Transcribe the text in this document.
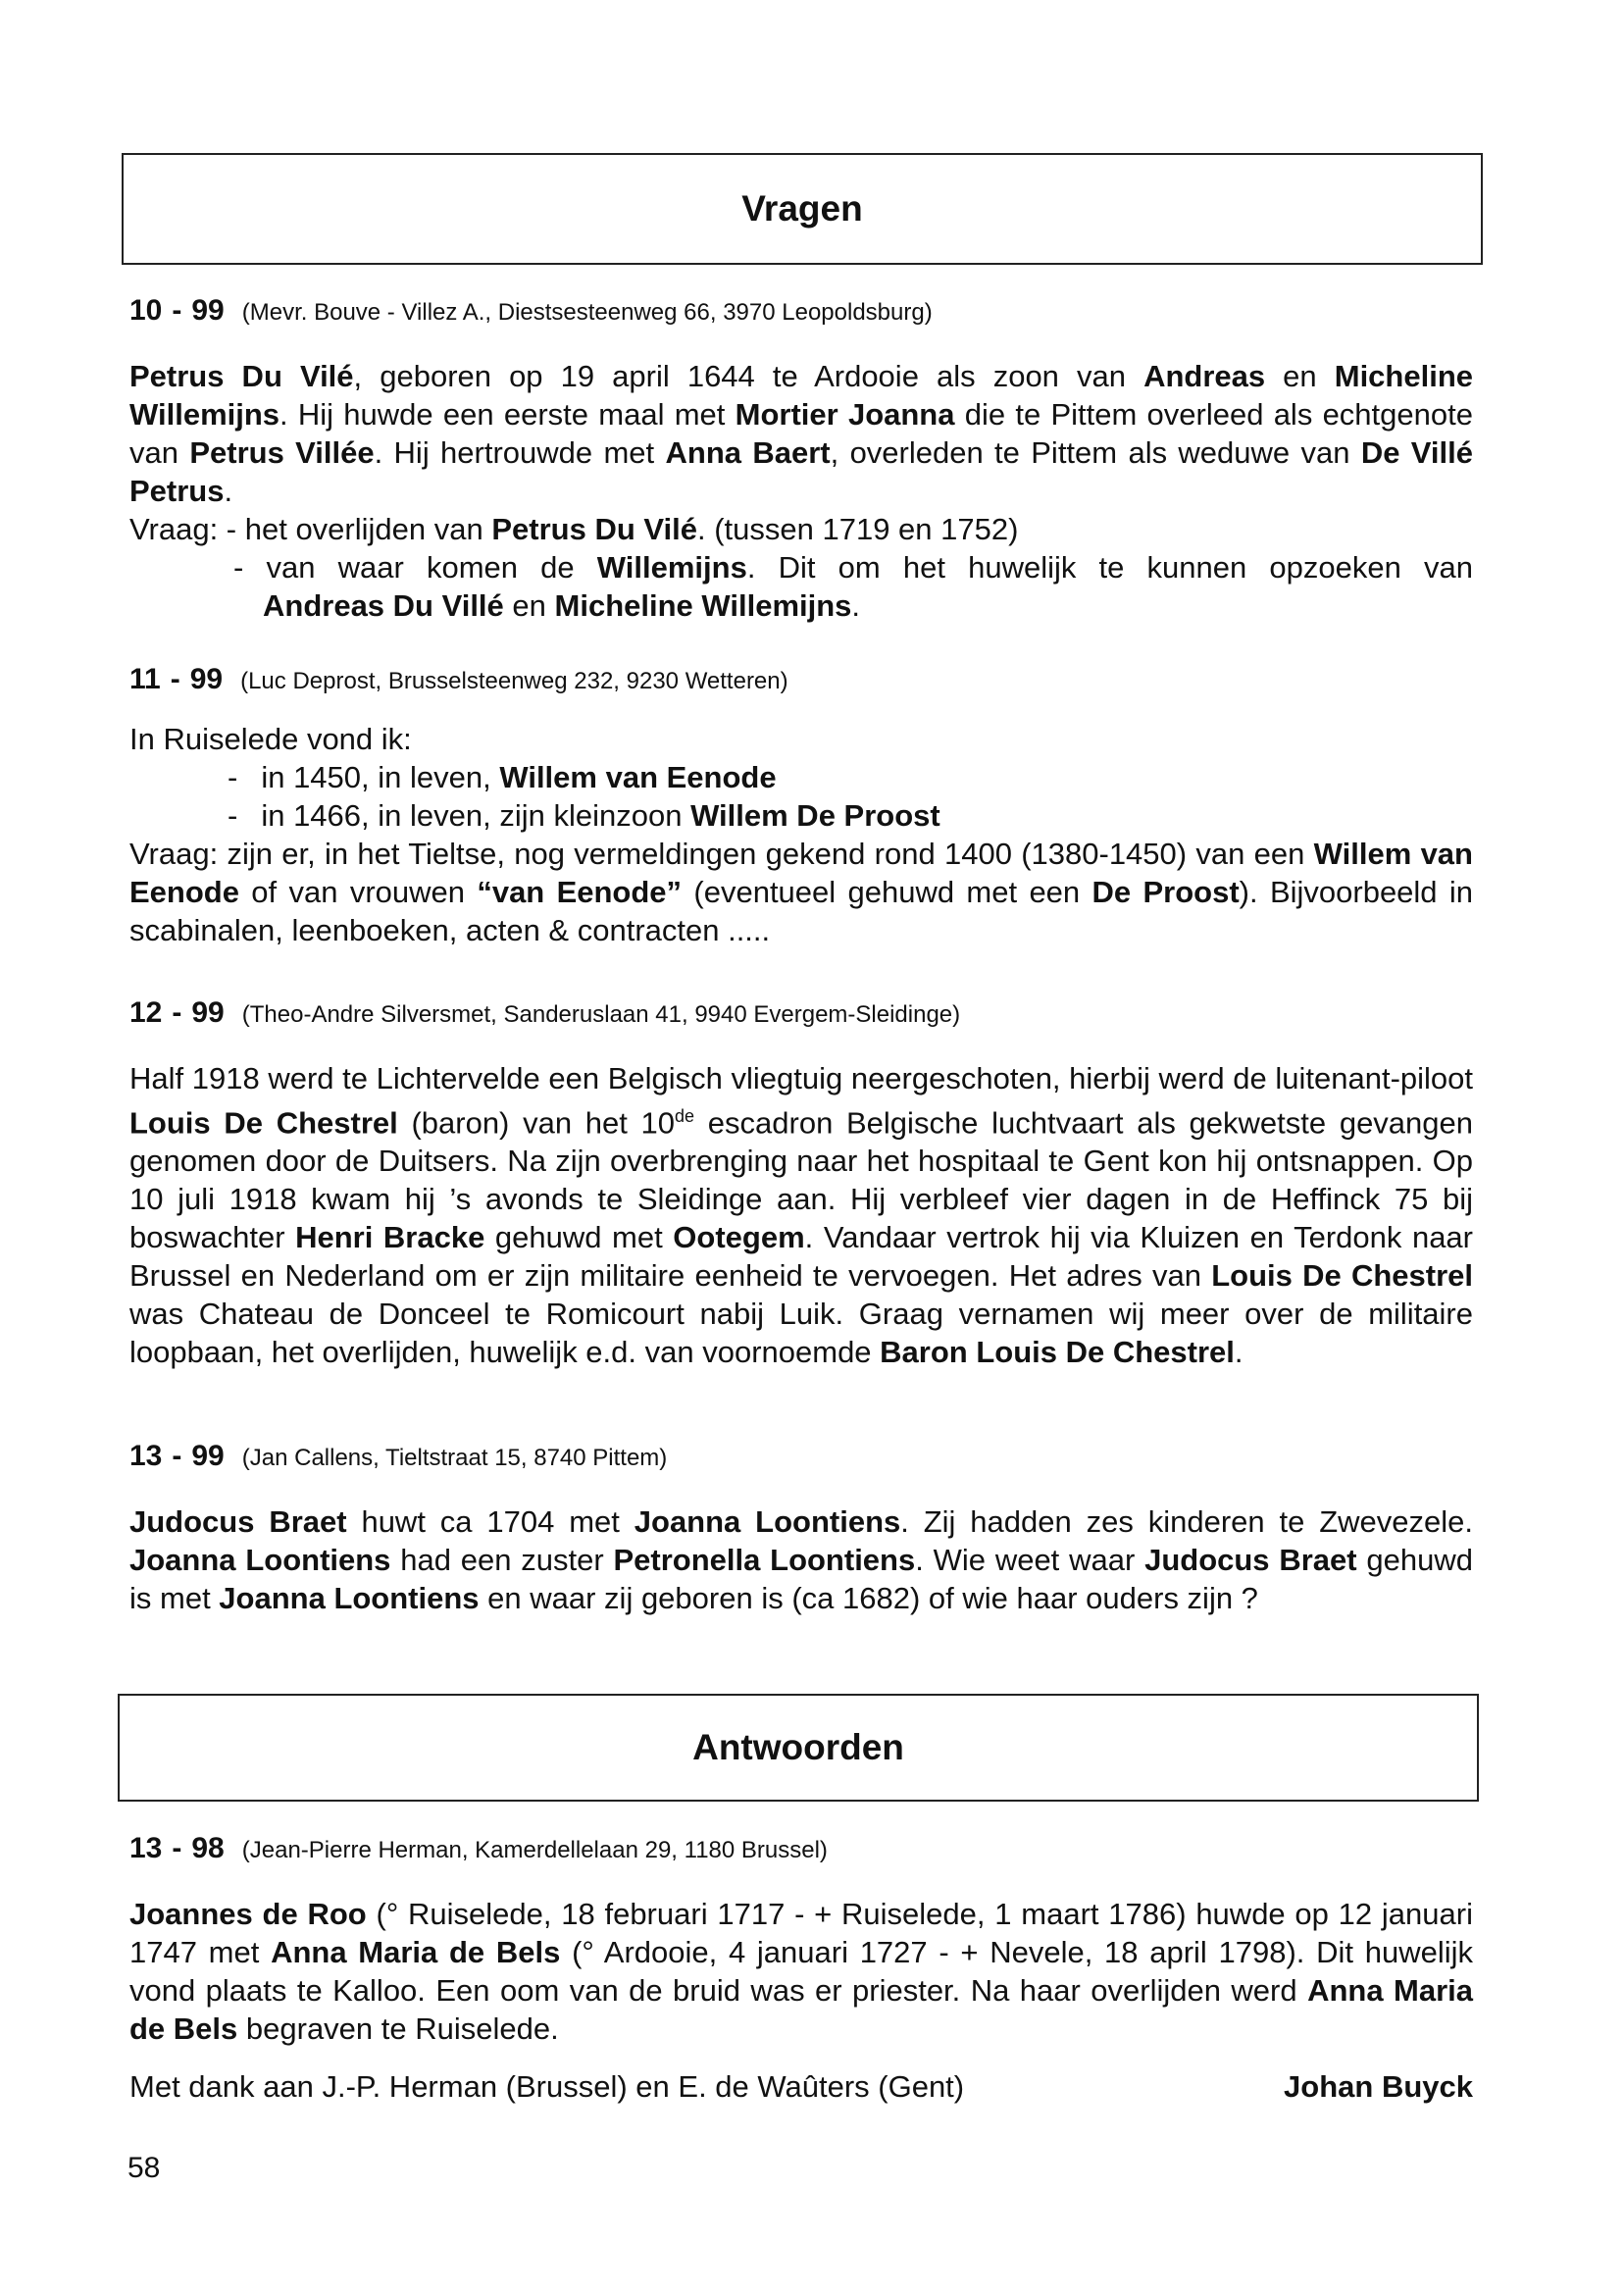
Vragen
10 - 99 (Mevr. Bouve - Villez A., Diestsesteenweg 66, 3970 Leopoldsburg)

Petrus Du Vilé, geboren op 19 april 1644 te Ardooie als zoon van Andreas en Micheline Willemijns. Hij huwde een eerste maal met Mortier Joanna die te Pittem overleed als echtgenote van Petrus Villée. Hij hertrouwde met Anna Baert, overleden te Pittem als weduwe van De Villé Petrus.

Vraag: - het overlijden van Petrus Du Vilé. (tussen 1719 en 1752)
- van waar komen de Willemijns. Dit om het huwelijk te kunnen opzoeken van
Andreas Du Villé en Micheline Willemijns.
11 - 99 (Luc Deprost, Brusselsteenweg 232, 9230 Wetteren)
In Ruiselede vond ik:
- in 1450, in leven, Willem van Eenode
- in 1466, in leven, zijn kleinzoon Willem De Proost

Vraag: zijn er, in het Tieltse, nog vermeldingen gekend rond 1400 (1380-1450) van een Willem van Eenode of van vrouwen “van Eenode” (eventueel gehuwd met een De Proost). Bijvoorbeeld in scabinalen, leenboeken, acten & contracten .....

12 - 99 (Theo-Andre Silversmet, Sanderuslaan 41, 9940 Evergem-Sleidinge)

Half 1918 werd te Lichtervelde een Belgisch vliegtuig neergeschoten, hierbij werd de luitenant-piloot Louis De Chestrel (baron) van het 10de escadron Belgische luchtvaart als gekwetste gevangen genomen door de Duitsers. Na zijn overbrenging naar het hospitaal te Gent kon hij ontsnappen. Op 10 juli 1918 kwam hij ’s avonds te Sleidinge aan. Hij verbleef vier dagen in de Heffinck 75 bij boswachter Henri Bracke gehuwd met Ootegem. Vandaar vertrok hij via Kluizen en Terdonk naar Brussel en Nederland om er zijn militaire eenheid te vervoegen. Het adres van Louis De Chestrel was Chateau de Donceel te Romicourt nabij Luik. Graag vernamen wij meer over de militaire loopbaan, het overlijden, huwelijk e.d. van voornoemde Baron Louis De Chestrel.

13 - 99 (Jan Callens, Tieltstraat 15, 8740 Pittem)

Judocus Braet huwt ca 1704 met Joanna Loontiens. Zij hadden zes kinderen te Zwevezele. Joanna Loontiens had een zuster Petronella Loontiens. Wie weet waar Judocus Braet gehuwd is met Joanna Loontiens en waar zij geboren is (ca 1682) of wie haar ouders zijn ?

Antwoorden
13 - 98 (Jean-Pierre Herman, Kamerdellelaan 29, 1180 Brussel)

Joannes de Roo (° Ruiselede, 18 februari 1717 - + Ruiselede, 1 maart 1786) huwde op 12 januari 1747 met Anna Maria de Bels (° Ardooie, 4 januari 1727 - + Nevele, 18 april 1798). Dit huwelijk vond plaats te Kalloo. Een oom van de bruid was er priester. Na haar overlijden werd Anna Maria de Bels begraven te Ruiselede.

Met dank aan J.-P. Herman (Brussel) en E. de Waûters (Gent)	Johan Buyck
58
